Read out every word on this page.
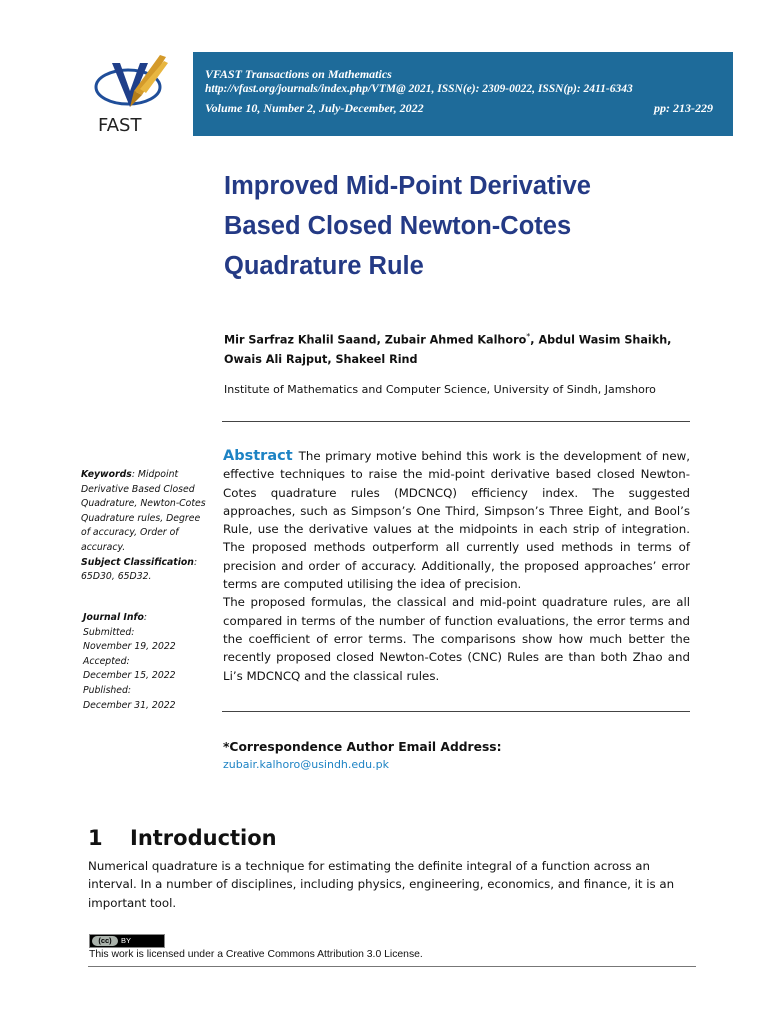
FAST
VFAST Transactions on Mathematics
http://vfast.org/journals/index.php/VTM@ 2021, ISSN(e): 2309-0022, ISSN(p): 2411-6343
Volume 10, Number 2, July-December, 2022	pp: 213-229
Improved Mid-Point Derivative
Based Closed Newton-Cotes
Quadrature Rule
Mir Sarfraz Khalil Saand, Zubair Ahmed Kalhoro*, Abdul Wasim Shaikh, Owais Ali Rajput, Shakeel Rind
Institute of Mathematics and Computer Science, University of Sindh, Jamshoro
Keywords: Midpoint Derivative Based Closed Quadrature, Newton-Cotes Quadrature rules, Degree of accuracy, Order of accuracy.
Subject Classification:
65D30, 65D32.
Journal Info:
Submitted:
November 19, 2022
Accepted:
December 15, 2022
Published:
December 31, 2022
Abstract The primary motive behind this work is the development of new, effective techniques to raise the mid-point derivative based closed Newton-Cotes quadrature rules (MDCNCQ) efficiency index. The suggested approaches, such as Simpson’s One Third, Simpson’s Three Eight, and Bool’s Rule, use the derivative values at the midpoints in each strip of integration. The proposed methods outperform all currently used methods in terms of precision and order of accuracy. Additionally, the proposed approaches’ error terms are computed utilising the idea of precision.
The proposed formulas, the classical and mid-point quadrature rules, are all compared in terms of the number of function evaluations, the error terms and the coefficient of error terms. The comparisons show how much better the recently proposed closed Newton-Cotes (CNC) Rules are than both Zhao and Li’s MDCNCQ and the classical rules.
*Correspondence Author Email Address:
zubair.kalhoro@usindh.edu.pk
1 Introduction
Numerical quadrature is a technique for estimating the definite integral of a function across an interval. In a number of disciplines, including physics, engineering, economics, and finance, it is an important tool.
(cc)	BY
This work is licensed under a Creative Commons Attribution 3.0 License.
